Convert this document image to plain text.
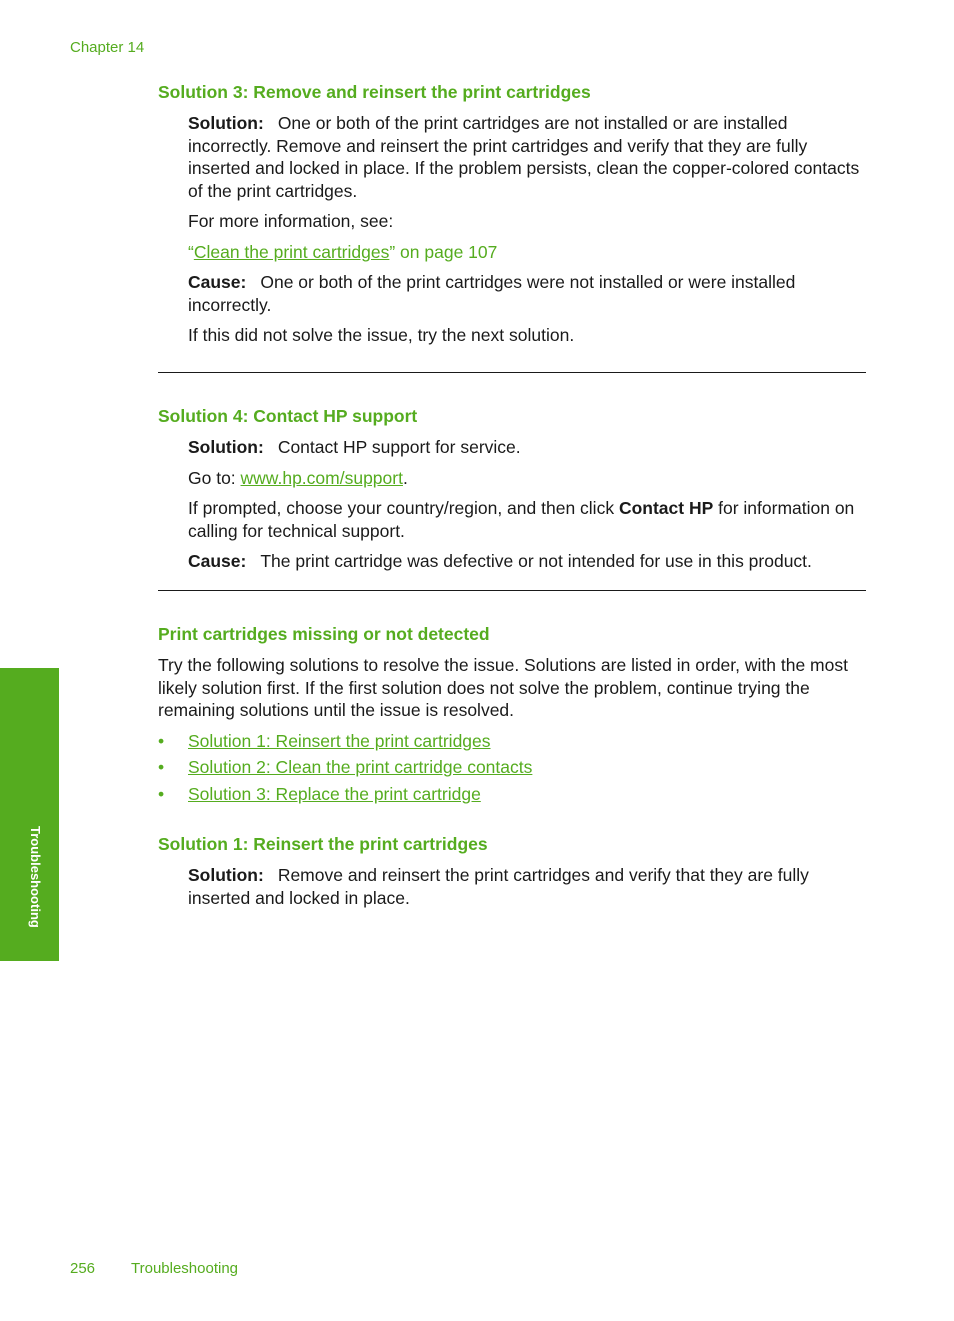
Chapter 14
Solution 3: Remove and reinsert the print cartridges

Solution: One or both of the print cartridges are not installed or are installed incorrectly. Remove and reinsert the print cartridges and verify that they are fully inserted and locked in place. If the problem persists, clean the copper-colored contacts of the print cartridges.

For more information, see:

“Clean the print cartridges” on page 107

Cause: One or both of the print cartridges were not installed or were installed incorrectly.

If this did not solve the issue, try the next solution.

Solution 4: Contact HP support

Solution: Contact HP support for service.

Go to: www.hp.com/support.

If prompted, choose your country/region, and then click Contact HP for information on calling for technical support.

Cause: The print cartridge was defective or not intended for use in this product.

Print cartridges missing or not detected

Try the following solutions to resolve the issue. Solutions are listed in order, with the most likely solution first. If the first solution does not solve the problem, continue trying the remaining solutions until the issue is resolved.

• Solution 1: Reinsert the print cartridges
• Solution 2: Clean the print cartridge contacts
• Solution 3: Replace the print cartridge
Solution 1: Reinsert the print cartridges

Solution: Remove and reinsert the print cartridges and verify that they are fully inserted and locked in place.

Troubleshooting
256 Troubleshooting
